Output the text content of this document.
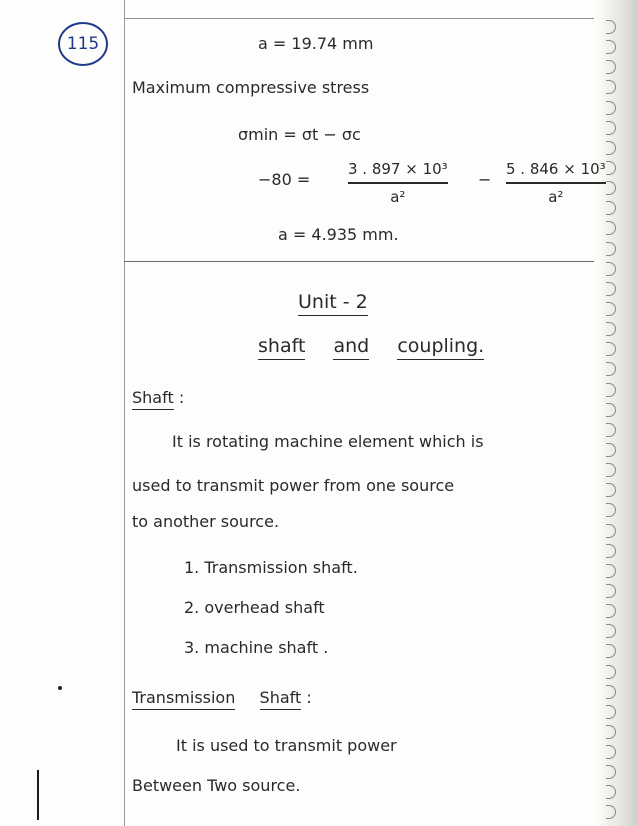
115	a = 19.74 mm
Maximum compressive stress
σmin = σt − σc
−80 =
3 . 897 × 10³
a²
−
5 . 846 × 10³
a²
a = 4.935 mm.
Unit - 2
shaft and coupling.
Shaft :
It is rotating machine element which is
used to transmit power from one source
to another source.
1. Transmission shaft.
2. overhead shaft
3. machine shaft .
Transmission Shaft :
It is used to transmit power
Between Two source.
